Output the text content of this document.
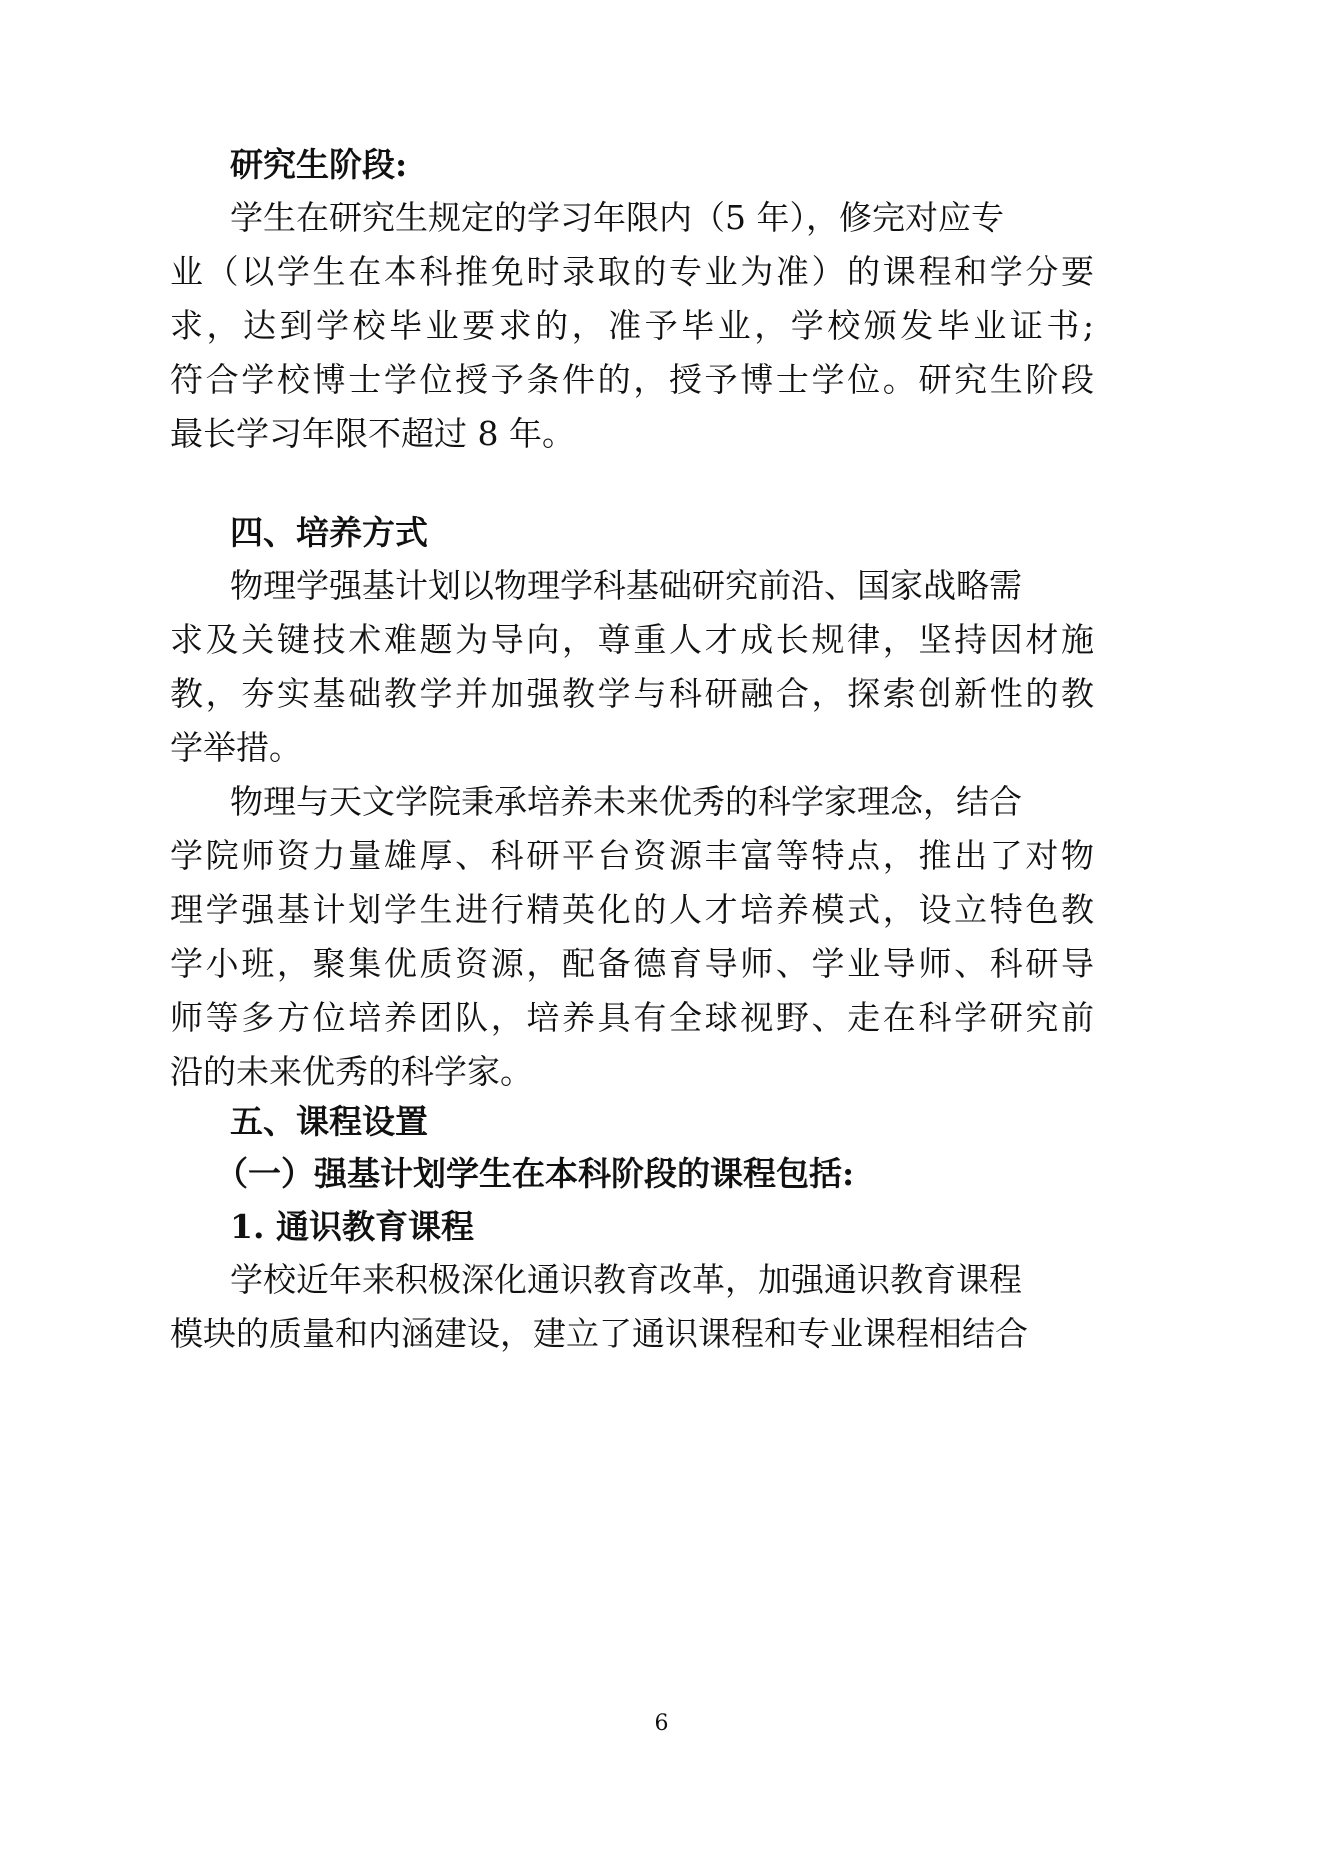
研究生阶段:
学生在研究生规定的学习年限内（5 年），修完对应专
业（以学生在本科推免时录取的专业为准）的课程和学分要
求，达到学校毕业要求的，准予毕业，学校颁发毕业证书;
符合学校博士学位授予条件的，授予博士学位。研究生阶段
最长学习年限不超过 8 年。
四、培养方式
物理学强基计划以物理学科基础研究前沿、国家战略需
求及关键技术难题为导向，尊重人才成长规律，坚持因材施
教，夯实基础教学并加强教学与科研融合，探索创新性的教
学举措。
物理与天文学院秉承培养未来优秀的科学家理念，结合
学院师资力量雄厚、科研平台资源丰富等特点，推出了对物
理学强基计划学生进行精英化的人才培养模式，设立特色教
学小班，聚集优质资源，配备德育导师、学业导师、科研导
师等多方位培养团队，培养具有全球视野、走在科学研究前
沿的未来优秀的科学家。
五、课程设置
（一）强基计划学生在本科阶段的课程包括:
1. 通识教育课程
学校近年来积极深化通识教育改革，加强通识教育课程
模块的质量和内涵建设，建立了通识课程和专业课程相结合
6
